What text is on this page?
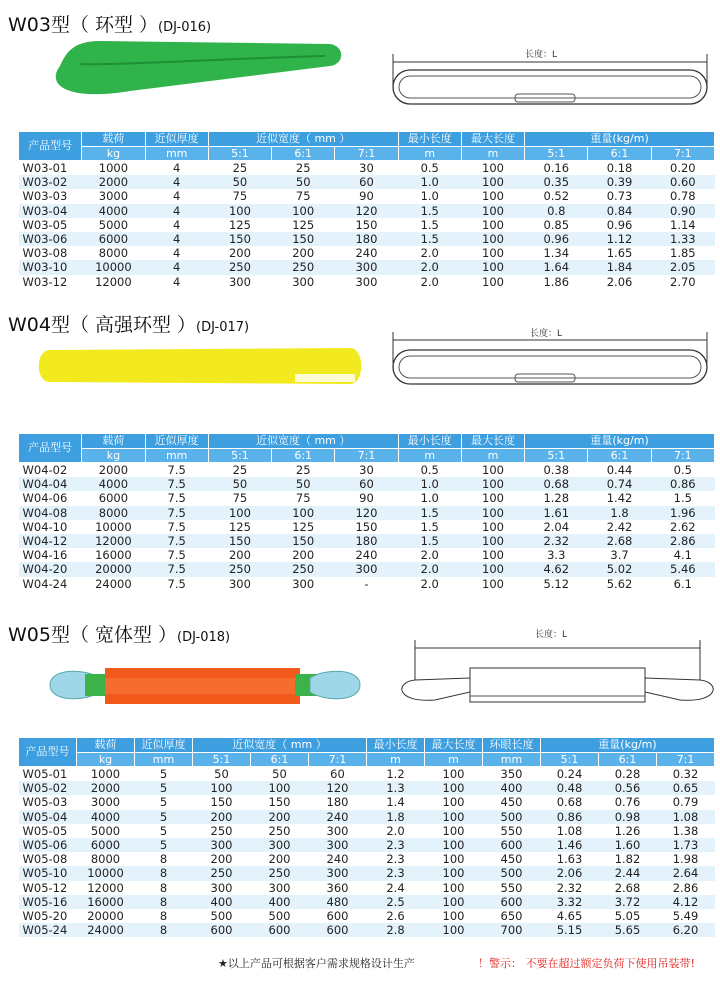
W03型（ 环型 ）(DJ-016)
长度：L
产品型号	载荷	近似厚度	近似宽度（ mm ）			最小长度	最大长度	重量(kg/m)		
	kg	mm	5:1	6:1	7:1	m	m	5:1	6:1	7:1
W03-01	1000	4	25	25	30	0.5	100	0.16	0.18	0.20
W03-02	2000	4	50	50	60	1.0	100	0.35	0.39	0.60
W03-03	3000	4	75	75	90	1.0	100	0.52	0.73	0.78
W03-04	4000	4	100	100	120	1.5	100	0.8	0.84	0.90
W03-05	5000	4	125	125	150	1.5	100	0.85	0.96	1.14
W03-06	6000	4	150	150	180	1.5	100	0.96	1.12	1.33
W03-08	8000	4	200	200	240	2.0	100	1.34	1.65	1.85
W03-10	10000	4	250	250	300	2.0	100	1.64	1.84	2.05
W03-12	12000	4	300	300	300	2.0	100	1.86	2.06	2.70
W04型（ 高强环型 ）(DJ-017)	长度：L
产品型号	载荷	近似厚度	近似宽度（ mm ）			最小长度	最大长度	重量(kg/m)		
	kg	mm	5:1	6:1	7:1	m	m	5:1	6:1	7:1
W04-02	2000	7.5	25	25	30	0.5	100	0.38	0.44	0.5
W04-04	4000	7.5	50	50	60	1.0	100	0.68	0.74	0.86
W04-06	6000	7.5	75	75	90	1.0	100	1.28	1.42	1.5
W04-08	8000	7.5	100	100	120	1.5	100	1.61	1.8	1.96
W04-10	10000	7.5	125	125	150	1.5	100	2.04	2.42	2.62
W04-12	12000	7.5	150	150	180	1.5	100	2.32	2.68	2.86
W04-16	16000	7.5	200	200	240	2.0	100	3.3	3.7	4.1
W04-20	20000	7.5	250	250	300	2.0	100	4.62	5.02	5.46
W04-24	24000	7.5	300	300	-	2.0	100	5.12	5.62	6.1
W05型（ 宽体型 ）(DJ-018)	长度：L
产品型号	载荷	近似厚度	近似宽度（ mm ）			最小长度	最大长度	环眼长度	重量(kg/m)		
	kg	mm	5:1	6:1	7:1	m	m	mm	5:1	6:1	7:1
W05-01	1000	5	50	50	60	1.2	100	350	0.24	0.28	0.32
W05-02	2000	5	100	100	120	1.3	100	400	0.48	0.56	0.65
W05-03	3000	5	150	150	180	1.4	100	450	0.68	0.76	0.79
W05-04	4000	5	200	200	240	1.8	100	500	0.86	0.98	1.08
W05-05	5000	5	250	250	300	2.0	100	550	1.08	1.26	1.38
W05-06	6000	5	300	300	300	2.3	100	600	1.46	1.60	1.73
W05-08	8000	8	200	200	240	2.3	100	450	1.63	1.82	1.98
W05-10	10000	8	250	250	300	2.3	100	500	2.06	2.44	2.64
W05-12	12000	8	300	300	360	2.4	100	550	2.32	2.68	2.86
W05-16	16000	8	400	400	480	2.5	100	600	3.32	3.72	4.12
W05-20	20000	8	500	500	600	2.6	100	650	4.65	5.05	5.49
W05-24	24000	8	600	600	600	2.8	100	700	5.15	5.65	6.20
★以上产品可根据客户需求规格设计生产	！警示： 不要在超过额定负荷下使用吊装带!
